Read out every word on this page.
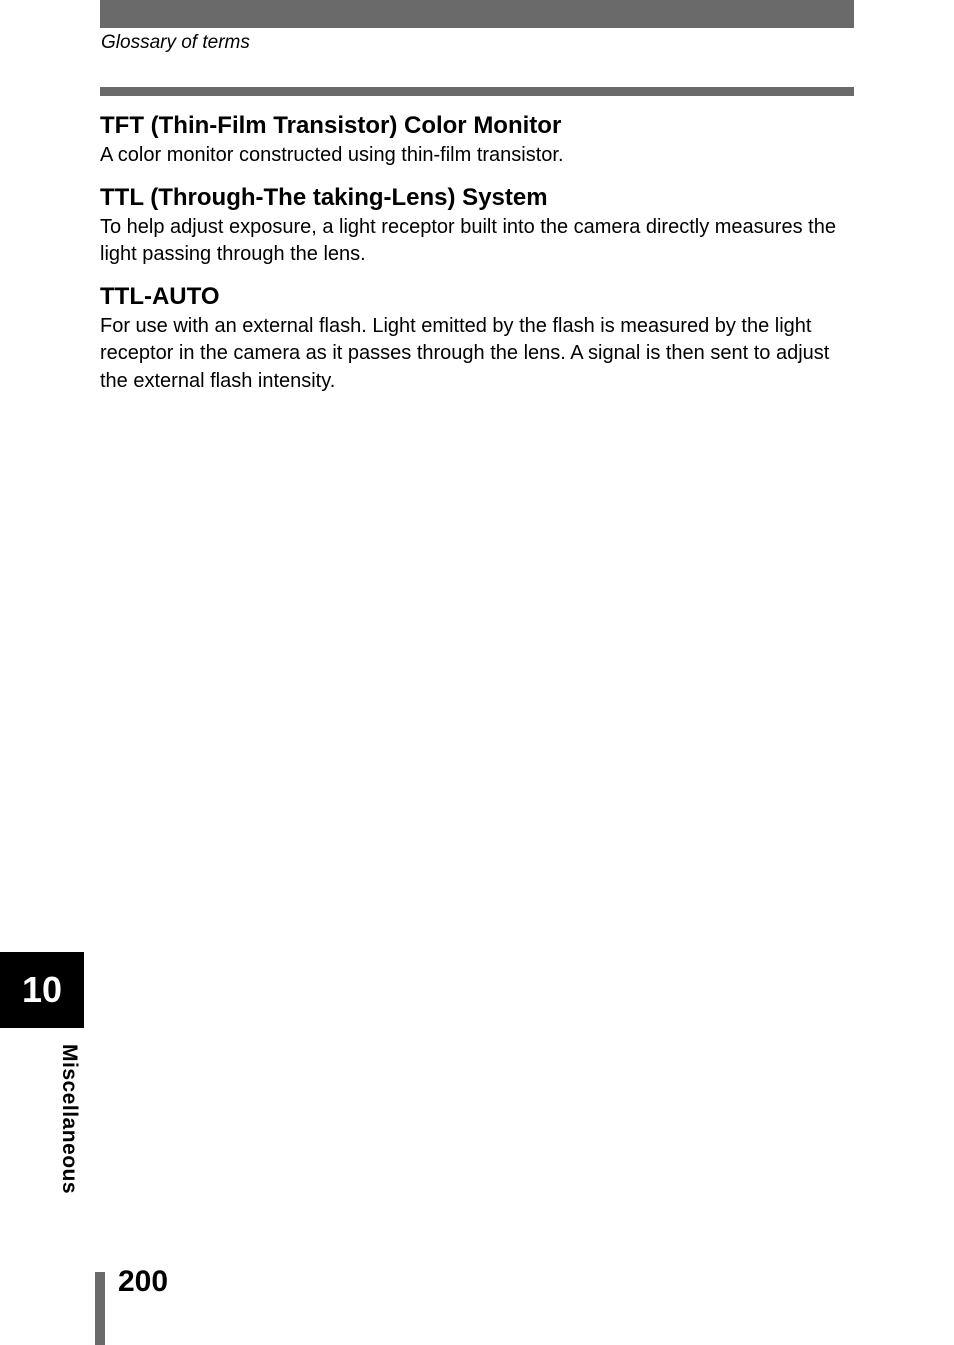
Glossary of terms
TFT (Thin-Film Transistor) Color Monitor

A color monitor constructed using thin-film transistor.

TTL (Through-The taking-Lens) System

To help adjust exposure, a light receptor built into the camera directly measures the light passing through the lens.

TTL-AUTO

For use with an external flash. Light emitted by the flash is measured by the light receptor in the camera as it passes through the lens. A signal is then sent to adjust the external flash intensity.

10
Miscellaneous
200
